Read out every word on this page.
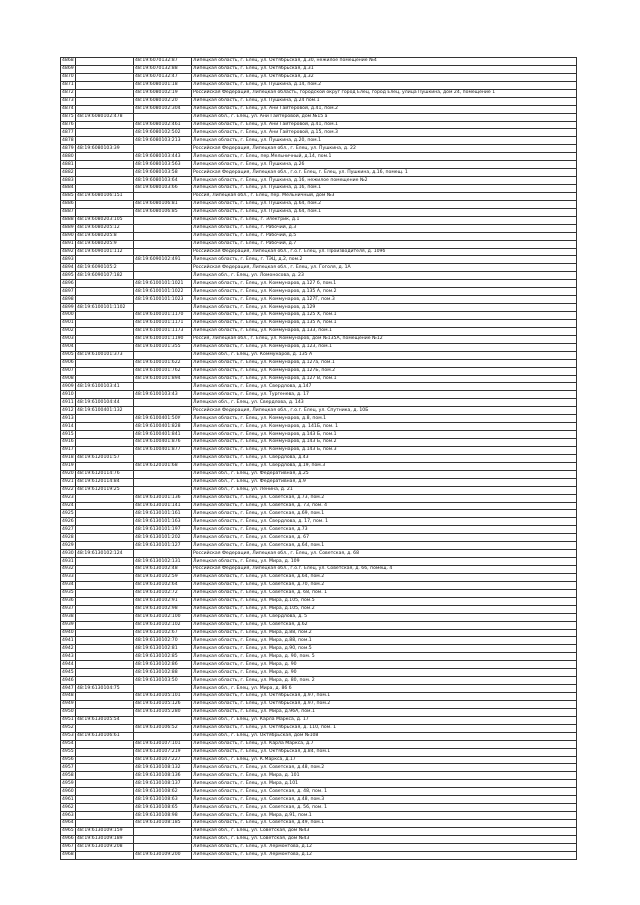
4868		48:19:6070132:87	Липецкая область, г. Елец, ул. Октябрьская, д.30, нежилое помещение №4
4869		48:19:6070132:88	Липецкая область, г. Елец, ул. Октябрьская, д.31
4870		48:19:6070132:47	Липецкая область, г. Елец, ул. Октябрьская, д.32
4871		48:19:6080101:18	Липецкая область, г. Елец, ул. Пушкина, д.14, пом.2
4872		48:19:6080102:19	Российская Федерация, Липецкая область, городской округ город Елец, город Елец, улица Пушкина, дом 24, помещение 1
4873		48:19:6080102:20	Липецкая область, г. Елец, ул. Пушкина, д.24 пом.1
4874		48:19:6080102:304	Липецкая область, г. Елец, ул. Ани Гайтеровой, д.41, пом.2
4875	48:19:6080102:478		Липецкая обл., г. Елец, ул. Ани Гайтеровой, дом №15 а
4876		48:19:6080102:461	Липецкая область, г. Елец, ул. Ани Гайтеровой, д.41, пом.1
4877		48:19:6080102:502	Липецкая область, г. Елец, ул. Ани Гайтеровой, д.15, пом.3
4878		48:19:6080103:213	Липецкая область, г. Елец, ул. Пушкина, д.20, пом.1
4879	48:19:6080103:39		Российская Федерация, Липецкая обл., г. Елец, ул. Пушкина, д. 22
4880		48:19:6080103:443	Липецкая область, г. Елец, пер.Мельничный, д.14, пом.1
4881		48:19:6080103:563	Липецкая область, г. Елец, ул. Пушкина, д.26
4882		48:19:6080103:58	Российская Федерация, Липецкая обл., г.о.г. Елец, г. Елец, ул. Пушкина, д.16, помещ. 1
4883		48:19:6080103:64	Липецкая область, г. Елец, ул. Пушкина, д.16, нежилое помещение №2
4884		48:19:6080103:66	Липецкая область, г. Елец, ул. Пушкина, д.16, пом.1
4885	48:19:6080106:151		Россия, Липецкая обл., г. Елец, пер. Мельничный, дом №3
4886		48:19:6080106:81	Липецкая область, г. Елец, ул. Пушкина, д.64, пом.2
4887		48:19:6080106:85	Липецкая область, г. Елец, ул. Пушкина, д.64, пом.1
4888	48:19:6080203:105		Липецкая область, г. Елец, г. Электрик, д.1
4889	48:19:6080205:12		Липецкая область, г. Елец, г. Рабочий, д.3
4890	48:19:6080205:8		Липецкая область, г. Елец, г. Рабочий, д.5
4891	48:19:6080205:9		Липецкая область, г. Елец, г. Рабочий, д.7
4892	48:19:6090101:112		Российская Федерация, Липецкая обл., г.о.г. Елец, ул. Производителя, д. 109б
4893		48:19:6090102:491	Липецкая область, г. Елец, г. ТЭЦ, д.2, пом.2
4894	48:19:6090105:2		Российская Федерация, Липецкая обл., г. Елец, ул. Гоголя, д. 1А
4895	48:19:6090107:182		Липецкая обл., г. Елец, ул. Ломоносова, д. 23
4896		48:19:6100101:1021	Липецкая область, г. Елец, ул. Коммунаров, д.127 б, пом.1
4897		48:19:6100101:1022	Липецкая область, г. Елец, ул. Коммунаров, д.135 А, пом.2
4898		48:19:6100101:1023	Липецкая область, г. Елец, ул. Коммунаров, д.127Г, пом.3
4899	48:19:6100101:1102		Липецкая область, г. Елец, ул. Коммунаров, д.129
4900		48:19:6100101:1170	Липецкая область, г. Елец, ул. Коммунаров, д.125 Х, пом.1
4901		48:19:6100101:1171	Липецкая область, г. Елец, ул. Коммунаров, д.135 А, пом.1
4902		48:19:6100101:1173	Липецкая область, г. Елец, ул. Коммунаров, д.133, пом.1
4903		48:19:6100101:1190	Россия, Липецкая обл., г. Елец, ул. Коммунаров, дом №135А, помещение №12
4904		48:19:6100101:355	Липецкая область, г. Елец, ул. Коммунаров, д.123, пом.1
4905	48:19:6100101:373		Липецкая обл., г. Елец, ул. Коммунаров, д. 135 А
4906		48:19:6100101:622	Липецкая область, г. Елец, ул. Коммунаров, д.127а, пом.1
4907		48:19:6100101:762	Липецкая область, г. Елец, ул. Коммунаров, д.127Б, пом.2
4908		48:19:6100101:894	Липецкая область, г. Елец, ул. Коммунаров, д.127 В, пом.1
4909	48:19:6100103:41		Липецкая область, г. Елец, ул. Свердлова, д.147
4910		48:19:6100103:43	Липецкая область, г. Елец, ул. Тургенева, д. 17
4911	48:19:6100104:44		Липецкая обл., г. Елец, ул. Свердлова, д. 143
4912	48:19:6100401:132		Российская Федерация, Липецкая обл., г.о.г. Елец, ул. Спутника, д. 10Б
4913		48:19:6100401:50У	Липецкая область, г. Елец, ул. Коммунаров, д.8, пом.1
4914		48:19:6100401:828	Липецкая область, г. Елец, ул. Коммунаров, д. 141Б, пом. 1
4915		48:19:6100401:841	Липецкая область, г. Елец, ул. Коммунаров, д.143 Б, пом.1
4916		48:19:6100401:876	Липецкая область, г. Елец, ул. Коммунаров, д.143 Б, пом.2
4917		48:19:6100401:877	Липецкая область, г. Елец, ул. Коммунаров, д.143 Б, пом.3
4918	48:19:6120101:57		Липецкая область, г. Елец, ул. Свердлова, д.43
4919		48:19:6120101:68	Липецкая область, г. Елец, ул. Свердлова, д.19, пом.3
4920	48:19:6120114:76		Липецкая обл., г. Елец, ул. Федеративная, д.25
4921	48:19:6120114:84		Липецкая обл., г. Елец, ул. Федеративная, д.9
4922	48:19:6120119:25		Липецкая обл., г. Елец, ул. Ленина, д. 21
4923		48:19:6130101:136	Липецкая область, г. Елец, ул. Советская, д.73, пом.2
4924		48:19:6130101:141	Липецкая область, г. Елец, ул. Советская, д. 73, пом. 4
4925		48:19:6130101:161	Липецкая область, г. Елец, ул. Советская, д.69, пом.1
4926		48:19:6130101:163	Липецкая область, г. Елец, ул. Свердлова, д. 17, пом. 1
4927		48:19:6130101:197	Липецкая область, г. Елец, ул. Советская, д.73
4928		48:19:6130101:202	Липецкая область, г. Елец, ул. Советская, д. 67
4929		48:19:6130101:127	Липецкая область, г. Елец, ул. Советская, д.64, пом.1
4930	48:19:6130102:124		Российская Федерация, Липецкая обл., г. Елец, ул. Советская, д. 68
4931		48:19:6130102:131	Липецкая область, г. Елец, ул. Мира, д. 109
4932		48:19:6130102:48	Российская Федерация, Липецкая обл., г.о.г. Елец, ул. Советская, д. 66, помещ. 4
4933		48:19:6130102:59	Липецкая область, г. Елец, ул. Советская, д.64, пом.2
4934		48:19:6130102:64	Липецкая область, г. Елец, ул. Советская, д.70, пом.2
4935		48:19:6130102:72	Липецкая область, г. Елец, ул. Советская, д. 68, пом. 1
4936		48:19:6130102:91	Липецкая область, г. Елец, ул. Мира, д.105, пом.5
4937		48:19:6130102:98	Липецкая область, г. Елец, ул. Мира, д.105, пом.2
4938		48:19:6130102:100	Липецкая область, г. Елец, ул. Свердлова, д. 5
4939		48:19:6130102:102	Липецкая область, г. Елец, ул. Советская, д.62
4940		48:19:6130102:67	Липецкая область, г. Елец, ул. Мира, д.88, пом.2
4941		48:19:6130102:70	Липецкая область, г. Елец, ул. Мира, д.88, пом.1
4942		48:19:6130102:81	Липецкая область, г. Елец, ул. Мира, д.90, пом.5
4943		48:19:6130102:85	Липецкая область, г. Елец, ул. Мира, д. 90, пом. 5
4944		48:19:6130102:86	Липецкая область, г. Елец, ул. Мира, д. 90
4945		48:19:6130102:88	Липецкая область, г. Елец, ул. Мира, д. 90
4946		48:19:6130103:50	Липецкая область, г. Елец, ул. Мира, д. 80, пом. 2
4947	48:19:6130104:75		Липецкая обл., г. Елец, ул. Мира, д. 86 б
4948		48:19:6130105:101	Липецкая область, г. Елец, ул. Октябрьская, д.97, пом.1
4949		48:19:6130105:126	Липецкая область, г. Елец, ул. Октябрьская, д.97, пом.2
4950		48:19:6130105:280	Липецкая область, г. Елец, ул. Мира, д.96А, пом.1
4951	48:19:6130105:54		Липецкая обл., г. Елец, ул. Карла Маркса, д. 17
4952		48:19:6130106:52	Липецкая область, г. Елец, ул. Октябрьская, д. 110, пом. 1
4953	48:19:6130106:61		Липецкая обл., г. Елец, ул. Октябрьская, дом №108
4954		48:19:6130107:101	Липецкая область, г. Елец, ул. Карла Маркса, д.7
4955		48:19:6130107:219	Липецкая область, г. Елец, ул. Октябрьская, д.84, пом.1
4956		48:19:6130107:227	Липецкая обл., г. Елец, ул. К.Маркса, д.17
4957		48:19:6130108:132	Липецкая область, г. Елец, ул. Советская, д.48, пом.2
4958		48:19:6130108:136	Липецкая область, г. Елец, ул. Мира, д. 101
4959		48:19:6130108:137	Липецкая область, г. Елец, ул. Мира, д.101
4960		48:19:6130108:62	Липецкая область, г. Елец, ул. Советская, д. 48, пом. 1
4961		48:19:6130108:63	Липецкая область, г. Елец, ул. Советская, д.48, пом.3
4962		48:19:6130108:65	Липецкая область, г. Елец, ул. Советская, д. 56, пом. 1
4963		48:19:6130108:98	Липецкая область, г. Елец, ул. Мира, д.91, пом.1
4964		48:19:6130108:185	Липецкая область, г. Елец, ул. Советская, д.49, пом.1
4965	48:19:6130109:159		Липецкая обл., г. Елец, ул. Советская, дом №43
4966	48:19:6130109:189		Липецкая обл., г. Елец, ул. Советская, дом №43
4967	48:19:6130109:208		Липецкая область, г. Елец, ул. Лермонтова, д.12
4968		48:19:6130109:200	Липецкая область, г. Елец, ул. Лермонтова, д.12
